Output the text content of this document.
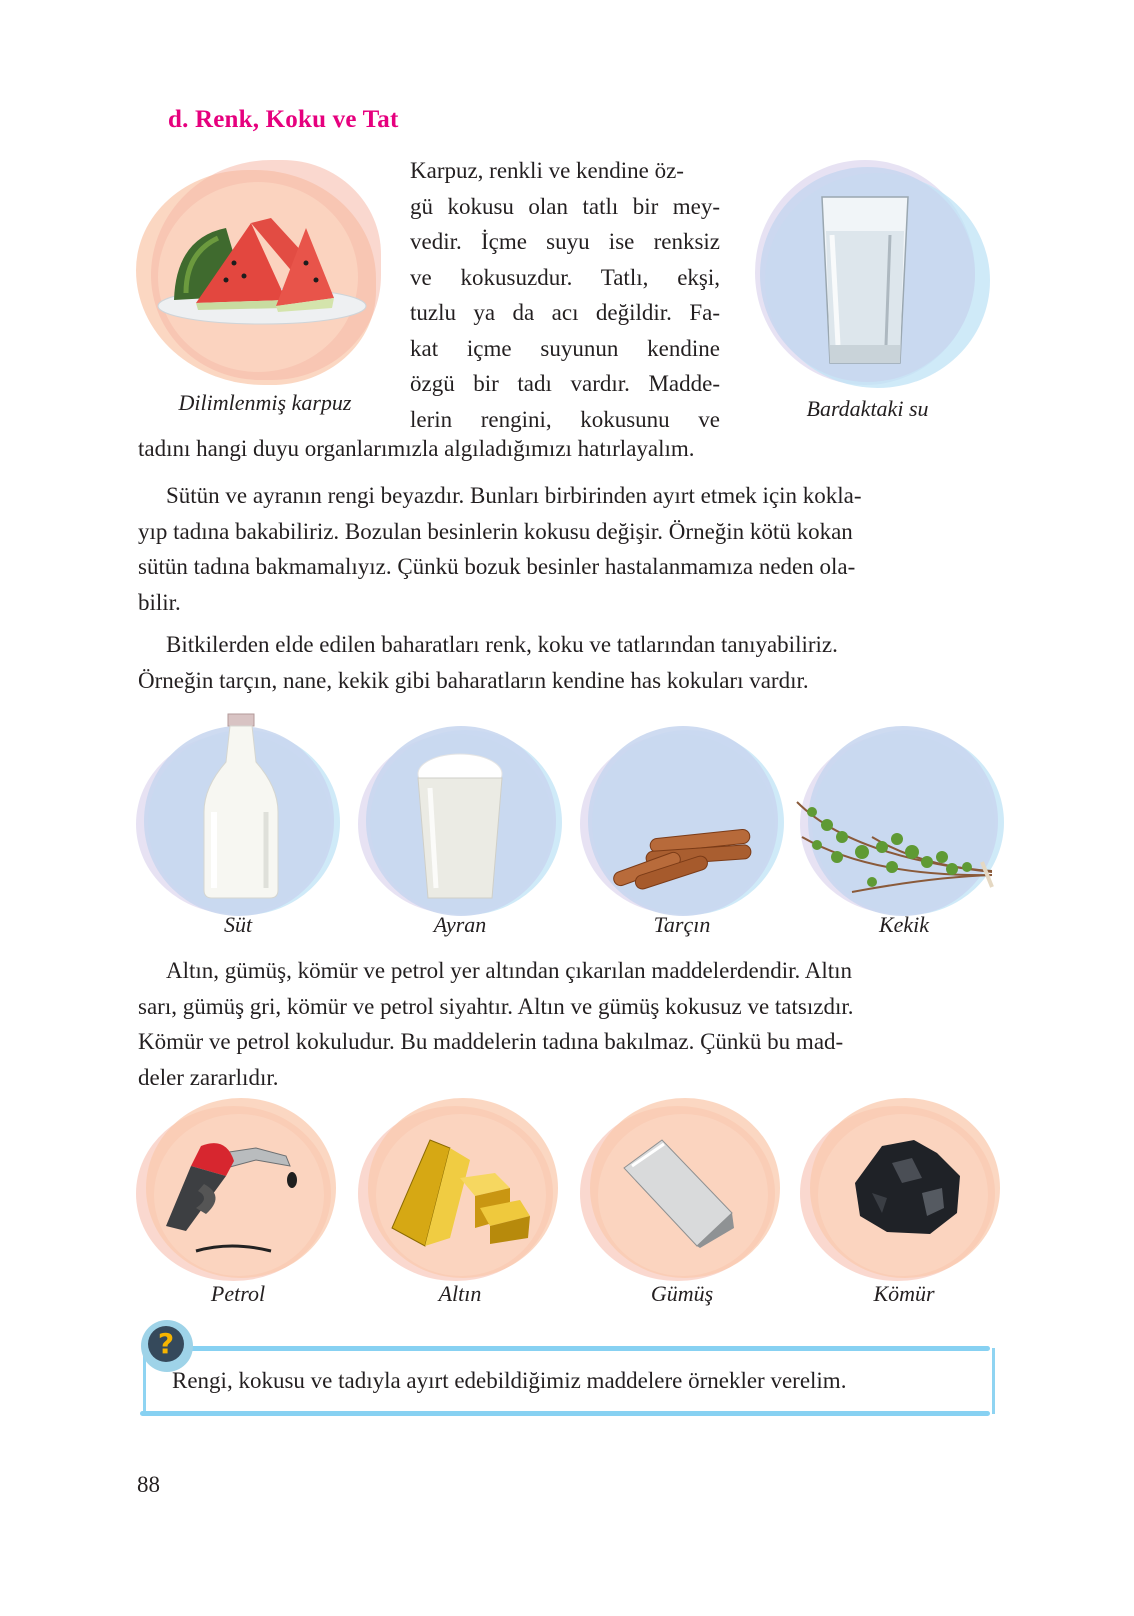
d. Renk, Koku ve Tat
Dilimlenmiş karpuz
Karpuz, renkli ve kendine öz-
gü kokusu olan tatlı bir mey-
vedir. İçme suyu ise renksiz
ve kokusuzdur. Tatlı, ekşi,
tuzlu ya da acı değildir. Fa-
kat içme suyunun kendine
özgü bir tadı vardır. Madde-
lerin rengini, kokusunu ve	Bardaktaki su
tadını hangi duyu organlarımızla algıladığımızı hatırlayalım.
Sütün ve ayranın rengi beyazdır. Bunları birbirinden ayırt etmek için kokla-
yıp tadına bakabiliriz. Bozulan besinlerin kokusu değişir. Örneğin kötü kokan
sütün tadına bakmamalıyız. Çünkü bozuk besinler hastalanmamıza neden ola-
bilir.
Bitkilerden elde edilen baharatları renk, koku ve tatlarından tanıyabiliriz.
Örneğin tarçın, nane, kekik gibi baharatların kendine has kokuları vardır.
Süt	Ayran	Tarçın	Kekik
Altın, gümüş, kömür ve petrol yer altından çıkarılan maddelerdendir. Altın
sarı, gümüş gri, kömür ve petrol siyahtır. Altın ve gümüş kokusuz ve tatsızdır.
Kömür ve petrol kokuludur. Bu maddelerin tadına bakılmaz. Çünkü bu mad-
deler zararlıdır.
Petrol	Altın	Gümüş	Kömür
?
Rengi, kokusu ve tadıyla ayırt edebildiğimiz maddelere örnekler verelim.
88
